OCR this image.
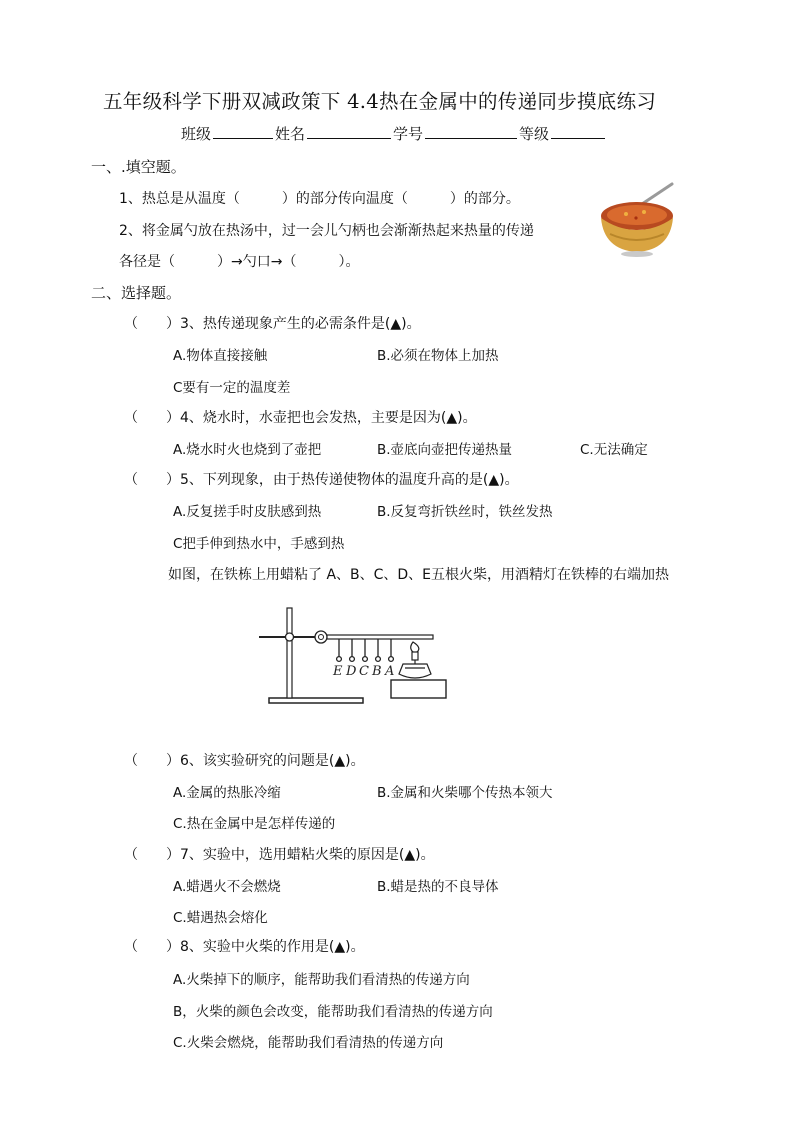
五年级科学下册双减政策下 4.4热在金属中的传递同步摸底练习
班级	姓名	学号	等级
一、.填空题。
1、热总是从温度（　　　）的部分传向温度（　　　）的部分。
2、将金属勺放在热汤中，过一会儿勺柄也会渐渐热起来热量的传递
各径是（　　　）→勺口→（　　　）。
二、选择题。
（　　）3、热传递现象产生的必需条件是(▲)。
A.物体直接接触	B.必须在物体上加热
C要有一定的温度差
（　　）4、烧水时，水壶把也会发热，主要是因为(▲)。
A.烧水时火也烧到了壶把	B.壶底向壶把传递热量	C.无法确定
（　　）5、下列现象，由于热传递使物体的温度升高的是(▲)。
A.反复搓手时皮肤感到热	B.反复弯折铁丝时，铁丝发热
C把手伸到热水中，手感到热
如图，在铁栋上用蜡粘了 A、B、C、D、E五根火柴，用酒精灯在铁棒的右端加热
E D C B A
（　　）6、该实验研究的问题是(▲)。
A.金属的热胀冷缩	B.金属和火柴哪个传热本领大
C.热在金属中是怎样传递的
（　　）7、实验中，选用蜡粘火柴的原因是(▲)。
A.蜡遇火不会燃烧	B.蜡是热的不良导体
C.蜡遇热会熔化
（　　）8、实验中火柴的作用是(▲)。
A.火柴掉下的顺序，能帮助我们看清热的传递方向
B，火柴的颜色会改变，能帮助我们看清热的传递方向
C.火柴会燃烧，能帮助我们看清热的传递方向
